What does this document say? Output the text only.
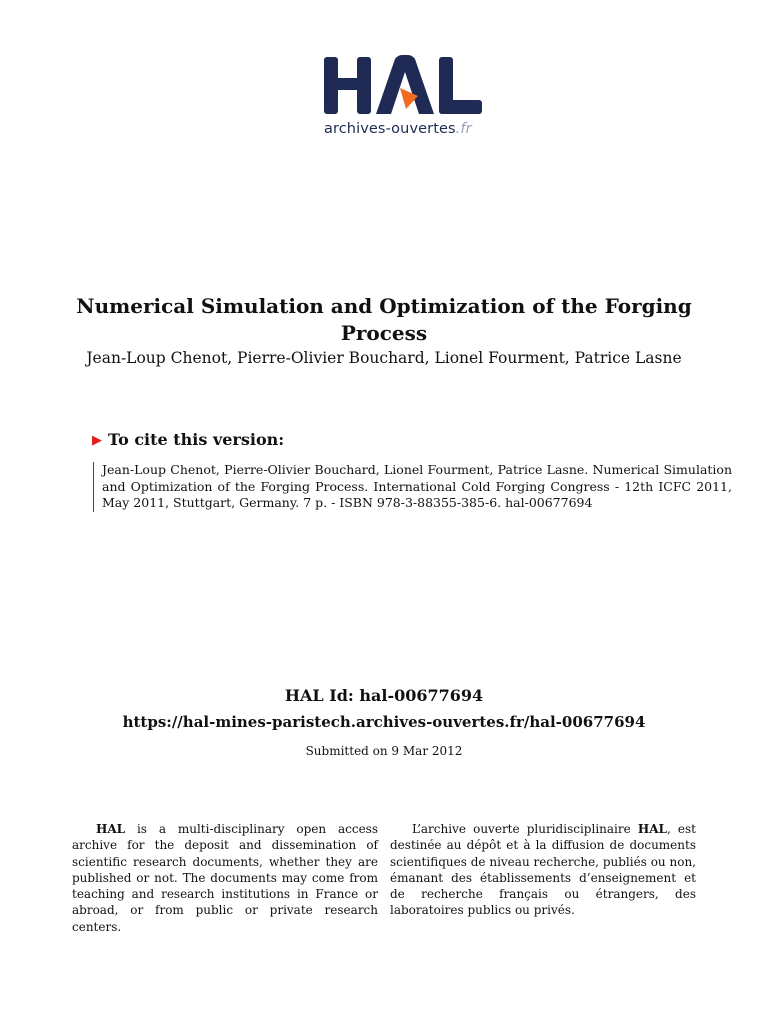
archives-ouvertes.fr
Numerical Simulation and Optimization of the Forging Process
Jean-Loup Chenot, Pierre-Olivier Bouchard, Lionel Fourment, Patrice Lasne
▶ To cite this version:
Jean-Loup Chenot, Pierre-Olivier Bouchard, Lionel Fourment, Patrice Lasne. Numerical Simulation and Optimization of the Forging Process. International Cold Forging Congress - 12th ICFC 2011, May 2011, Stuttgart, Germany. 7 p. - ISBN 978-3-88355-385-6. hal-00677694
HAL Id: hal-00677694
https://hal-mines-paristech.archives-ouvertes.fr/hal-00677694
Submitted on 9 Mar 2012
HAL is a multi-disciplinary open access archive for the deposit and dissemination of scientific research documents, whether they are published or not. The documents may come from teaching and research institutions in France or abroad, or from public or private research centers.
L’archive ouverte pluridisciplinaire HAL, est destinée au dépôt et à la diffusion de documents scientifiques de niveau recherche, publiés ou non, émanant des établissements d’enseignement et de recherche français ou étrangers, des laboratoires publics ou privés.
